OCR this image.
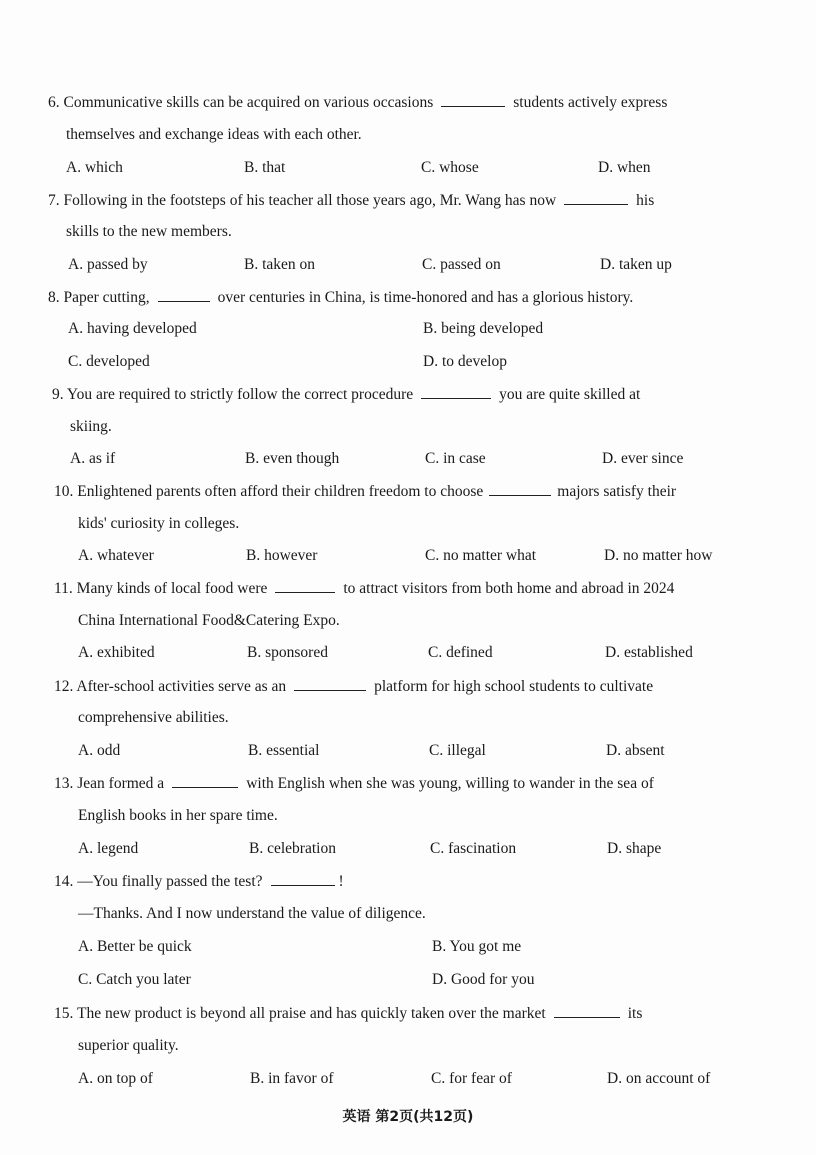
6. Communicative skills can be acquired on various occasions	students actively express
themselves and exchange ideas with each other.
A. which	B. that	C. whose	D. when
7. Following in the footsteps of his teacher all those years ago, Mr. Wang has now	his
skills to the new members.
A. passed by	B. taken on	C. passed on	D. taken up
8. Paper cutting,	over centuries in China, is time-honored and has a glorious history.
A. having developed	B. being developed
C. developed	D. to develop
9. You are required to strictly follow the correct procedure	you are quite skilled at
skiing.
A. as if	B. even though	C. in case	D. ever since
10. Enlightened parents often afford their children freedom to choose	majors satisfy their
kids' curiosity in colleges.
A. whatever	B. however	C. no matter what	D. no matter how
11. Many kinds of local food were	to attract visitors from both home and abroad in 2024
China International Food&Catering Expo.
A. exhibited	B. sponsored	C. defined	D. established
12. After-school activities serve as an	platform for high school students to cultivate
comprehensive abilities.
A. odd	B. essential	C. illegal	D. absent
13. Jean formed a	with English when she was young, willing to wander in the sea of
English books in her spare time.
A. legend	B. celebration	C. fascination	D. shape
14. —You finally passed the test?	!
—Thanks. And I now understand the value of diligence.
A. Better be quick	B. You got me
C. Catch you later	D. Good for you
15. The new product is beyond all praise and has quickly taken over the market	its
superior quality.
A. on top of	B. in favor of	C. for fear of	D. on account of
英语 第2页(共12页)
